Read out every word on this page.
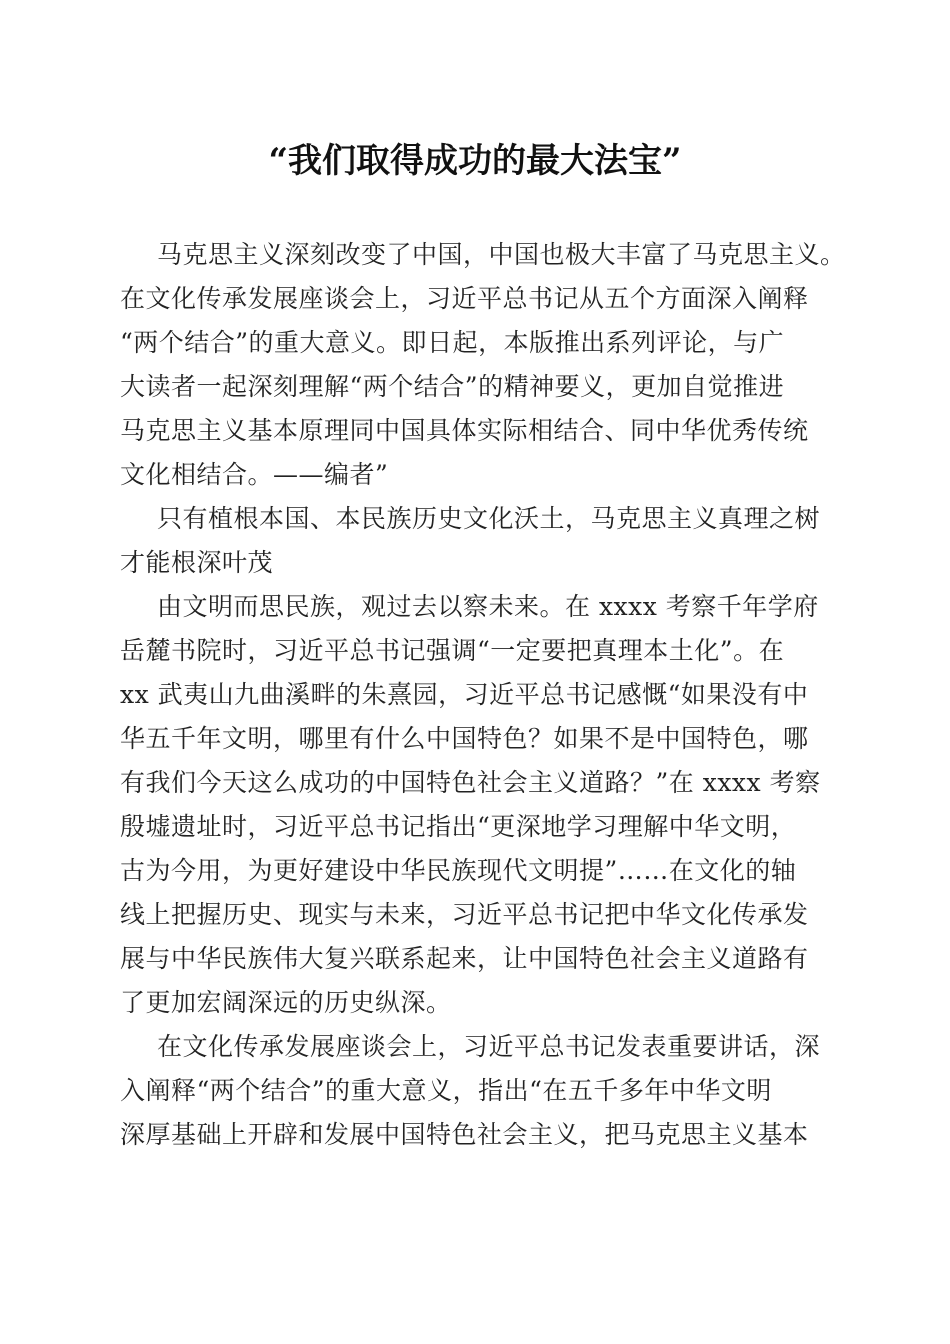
“我们取得成功的最大法宝”
马克思主义深刻改变了中国，中国也极大丰富了马克思主义。
在文化传承发展座谈会上，习近平总书记从五个方面深入阐释
“两个结合”的重大意义。即日起，本版推出系列评论，与广
大读者一起深刻理解“两个结合”的精神要义，更加自觉推进
马克思主义基本原理同中国具体实际相结合、同中华优秀传统
文化相结合。——编者”
只有植根本国、本民族历史文化沃土，马克思主义真理之树
才能根深叶茂
由文明而思民族，观过去以察未来。在 xxxx 考察千年学府
岳麓书院时，习近平总书记强调“一定要把真理本土化”。在
xx 武夷山九曲溪畔的朱熹园，习近平总书记感慨“如果没有中
华五千年文明，哪里有什么中国特色？如果不是中国特色，哪
有我们今天这么成功的中国特色社会主义道路？”在 xxxx 考察
殷墟遗址时，习近平总书记指出“更深地学习理解中华文明，
古为今用，为更好建设中华民族现代文明提”……在文化的轴
线上把握历史、现实与未来，习近平总书记把中华文化传承发
展与中华民族伟大复兴联系起来，让中国特色社会主义道路有
了更加宏阔深远的历史纵深。
在文化传承发展座谈会上，习近平总书记发表重要讲话，深
入阐释“两个结合”的重大意义，指出“在五千多年中华文明
深厚基础上开辟和发展中国特色社会主义，把马克思主义基本
